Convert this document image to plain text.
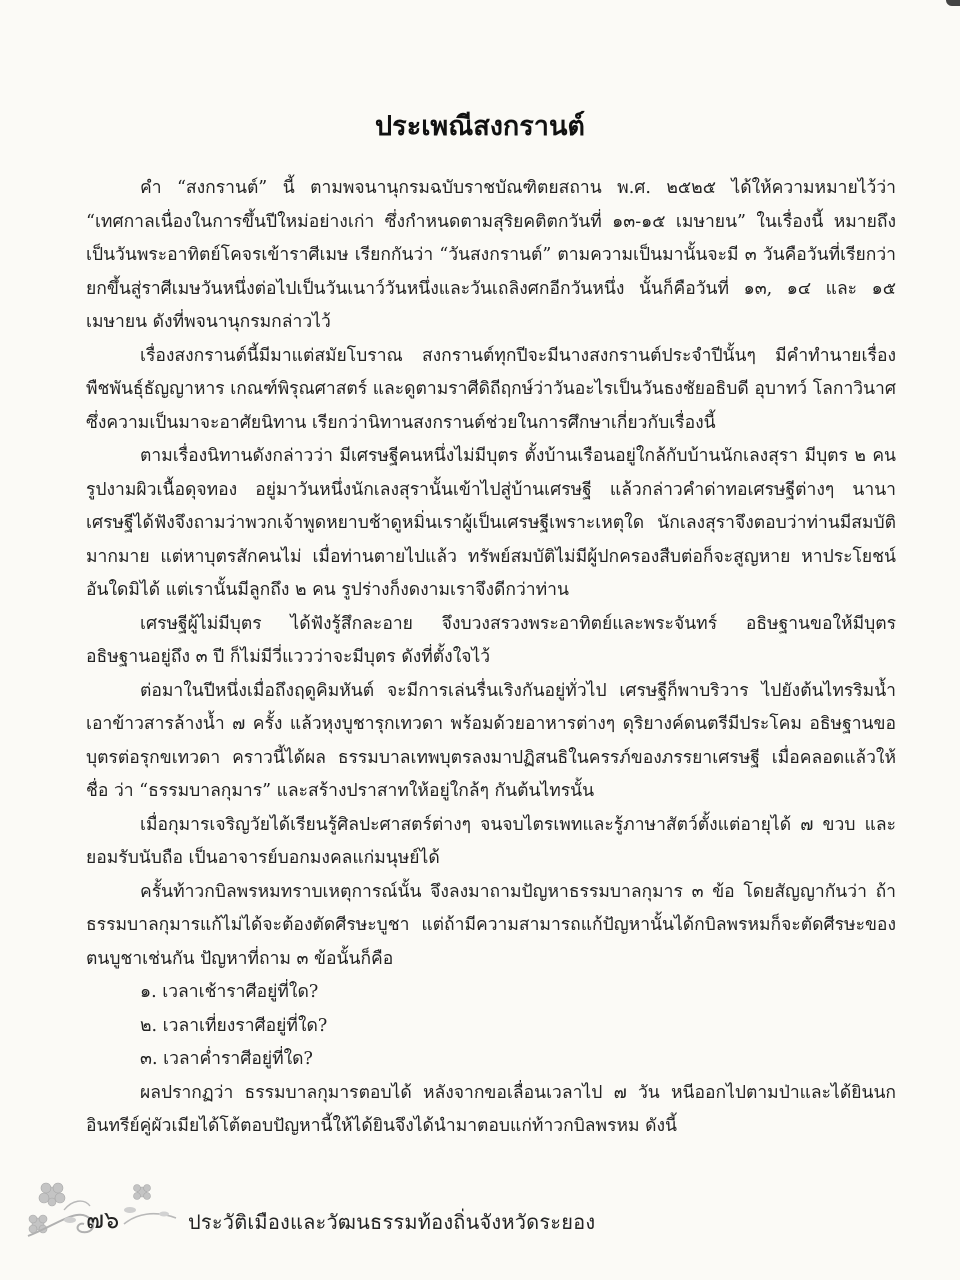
ประเพณีสงกรานต์

คำ “สงกรานต์” นี้ ตามพจนานุกรมฉบับราชบัณฑิตยสถาน พ.ศ. ๒๕๒๕ ได้ให้ความหมายไว้ว่า “เทศกาลเนื่องในการขึ้นปีใหม่อย่างเก่า ซึ่งกำหนดตามสุริยคติตกวันที่ ๑๓-๑๕ เมษายน” ในเรื่องนี้ หมายถึงเป็นวันพระอาทิตย์โคจรเข้าราศีเมษ เรียกกันว่า “วันสงกรานต์” ตามความเป็นมานั้นจะมี ๓ วันคือวันที่เรียกว่า ยกขึ้นสู่ราศีเมษวันหนึ่งต่อไปเป็นวันเนาว์วันหนึ่งและวันเถลิงศกอีกวันหนึ่ง นั้นก็คือวันที่ ๑๓, ๑๔ และ ๑๕ เมษายน ดังที่พจนานุกรมกล่าวไว้

เรื่องสงกรานต์นี้มีมาแต่สมัยโบราณ สงกรานต์ทุกปีจะมีนางสงกรานต์ประจำปีนั้นๆ มีคำทำนายเรื่องพืชพันธุ์ธัญญาหาร เกณฑ์พิรุณศาสตร์ และดูตามราศีดิถีฤกษ์ว่าวันอะไรเป็นวันธงชัยอธิบดี อุบาทว์ โลกาวินาศ ซึ่งความเป็นมาจะอาศัยนิทาน เรียกว่านิทานสงกรานต์ช่วยในการศึกษาเกี่ยวกับเรื่องนี้

ตามเรื่องนิทานดังกล่าวว่า มีเศรษฐีคนหนึ่งไม่มีบุตร ตั้งบ้านเรือนอยู่ใกล้กับบ้านนักเลงสุรา มีบุตร ๒ คน รูปงามผิวเนื้อดุจทอง อยู่มาวันหนึ่งนักเลงสุรานั้นเข้าไปสู่บ้านเศรษฐี แล้วกล่าวคำด่าทอเศรษฐีต่างๆ นานา เศรษฐีได้ฟังจึงถามว่าพวกเจ้าพูดหยาบช้าดูหมิ่นเราผู้เป็นเศรษฐีเพราะเหตุใด นักเลงสุราจึงตอบว่าท่านมีสมบัติมากมาย แต่หาบุตรสักคนไม่ เมื่อท่านตายไปแล้ว ทรัพย์สมบัติไม่มีผู้ปกครองสืบต่อก็จะสูญหาย หาประโยชน์อันใดมิได้ แต่เรานั้นมีลูกถึง ๒ คน รูปร่างก็งดงามเราจึงดีกว่าท่าน

เศรษฐีผู้ไม่มีบุตร ได้ฟังรู้สึกละอาย จึงบวงสรวงพระอาทิตย์และพระจันทร์ อธิษฐานขอให้มีบุตร อธิษฐานอยู่ถึง ๓ ปี ก็ไม่มีวี่แววว่าจะมีบุตร ดังที่ตั้งใจไว้

ต่อมาในปีหนึ่งเมื่อถึงฤดูคิมหันต์ จะมีการเล่นรื่นเริงกันอยู่ทั่วไป เศรษฐีก็พาบริวาร ไปยังต้นไทรริมน้ำ เอาข้าวสารล้างน้ำ ๗ ครั้ง แล้วหุงบูชารุกเทวดา พร้อมด้วยอาหารต่างๆ ดุริยางค์ดนตรีมีประโคม อธิษฐานขอบุตรต่อรุกขเทวดา คราวนี้ได้ผล ธรรมบาลเทพบุตรลงมาปฏิสนธิในครรภ์ของภรรยาเศรษฐี เมื่อคลอดแล้วให้ชื่อ ว่า “ธรรมบาลกุมาร” และสร้างปราสาทให้อยู่ใกล้ๆ กันต้นไทรนั้น

เมื่อกุมารเจริญวัยได้เรียนรู้ศิลปะศาสตร์ต่างๆ จนจบไตรเพทและรู้ภาษาสัตว์ตั้งแต่อายุได้ ๗ ขวบ และยอมรับนับถือ เป็นอาจารย์บอกมงคลแก่มนุษย์ได้

ครั้นท้าวกบิลพรหมทราบเหตุการณ์นั้น จึงลงมาถามปัญหาธรรมบาลกุมาร ๓ ข้อ โดยสัญญากันว่า ถ้าธรรมบาลกุมารแก้ไม่ได้จะต้องตัดศีรษะบูชา แต่ถ้ามีความสามารถแก้ปัญหานั้นได้กบิลพรหมก็จะตัดศีรษะของตนบูชาเช่นกัน ปัญหาที่ถาม ๓ ข้อนั้นก็คือ

๑. เวลาเช้าราศีอยู่ที่ใด?

๒. เวลาเที่ยงราศีอยู่ที่ใด?

๓. เวลาค่ำราศีอยู่ที่ใด?

ผลปรากฏว่า ธรรมบาลกุมารตอบได้ หลังจากขอเลื่อนเวลาไป ๗ วัน หนีออกไปตามป่าและได้ยินนกอินทรีย์คู่ผัวเมียได้โต้ตอบปัญหานี้ให้ได้ยินจึงได้นำมาตอบแก่ท้าวกบิลพรหม ดังนี้

๗๖	ประวัติเมืองและวัฒนธรรมท้องถิ่นจังหวัดระยอง
